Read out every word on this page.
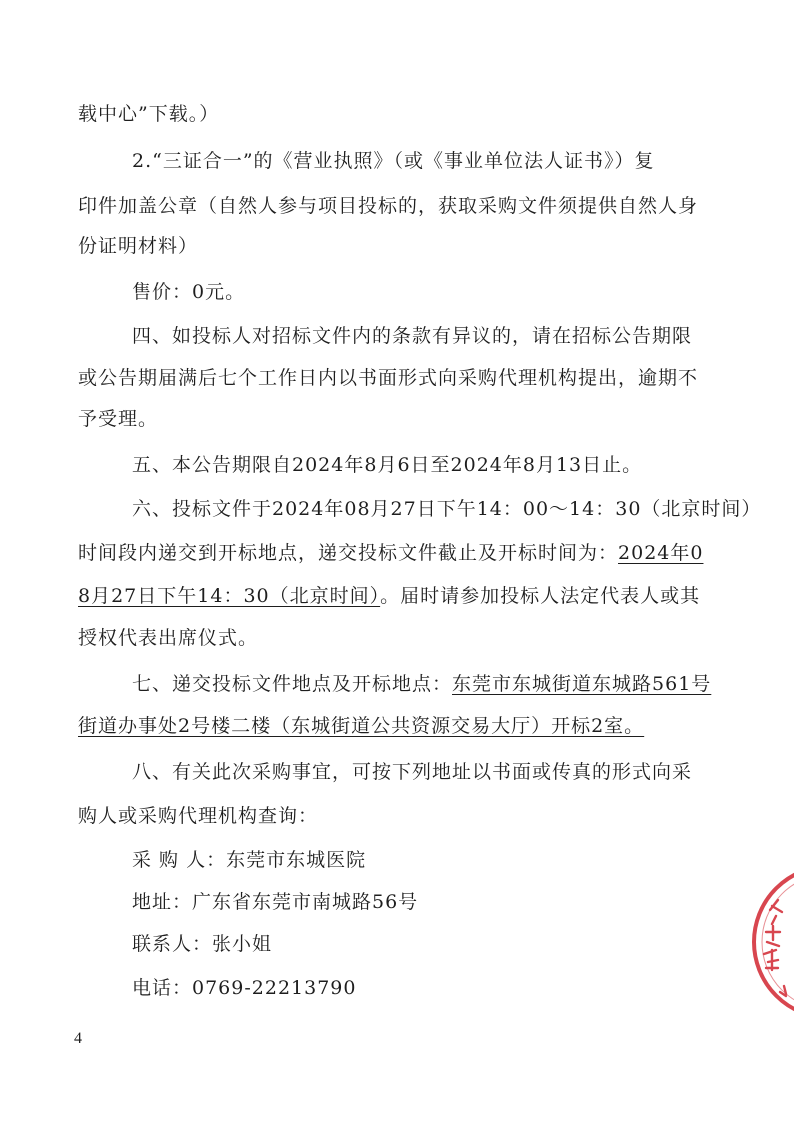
载中心”下载。）
2.“三证合一”的《营业执照》（或《事业单位法人证书》）复
印件加盖公章（自然人参与项目投标的，获取采购文件须提供自然人身
份证明材料）
售价：0元。
四、如投标人对招标文件内的条款有异议的，请在招标公告期限
或公告期届满后七个工作日内以书面形式向采购代理机构提出，逾期不
予受理。
五、本公告期限自2024年8月6日至2024年8月13日止。
六、投标文件于2024年08月27日下午14：00～14：30（北京时间）
时间段内递交到开标地点，递交投标文件截止及开标时间为：2024年0
8月27日下午14：30（北京时间）。届时请参加投标人法定代表人或其
授权代表出席仪式。
七、递交投标文件地点及开标地点：东莞市东城街道东城路561号
街道办事处2号楼二楼（东城街道公共资源交易大厅）开标2室。
八、有关此次采购事宜，可按下列地址以书面或传真的形式向采
购人或采购代理机构查询：
采 购 人：东莞市东城医院
地址：广东省东莞市南城路56号
联系人：张小姐
电话：0769-22213790
4
